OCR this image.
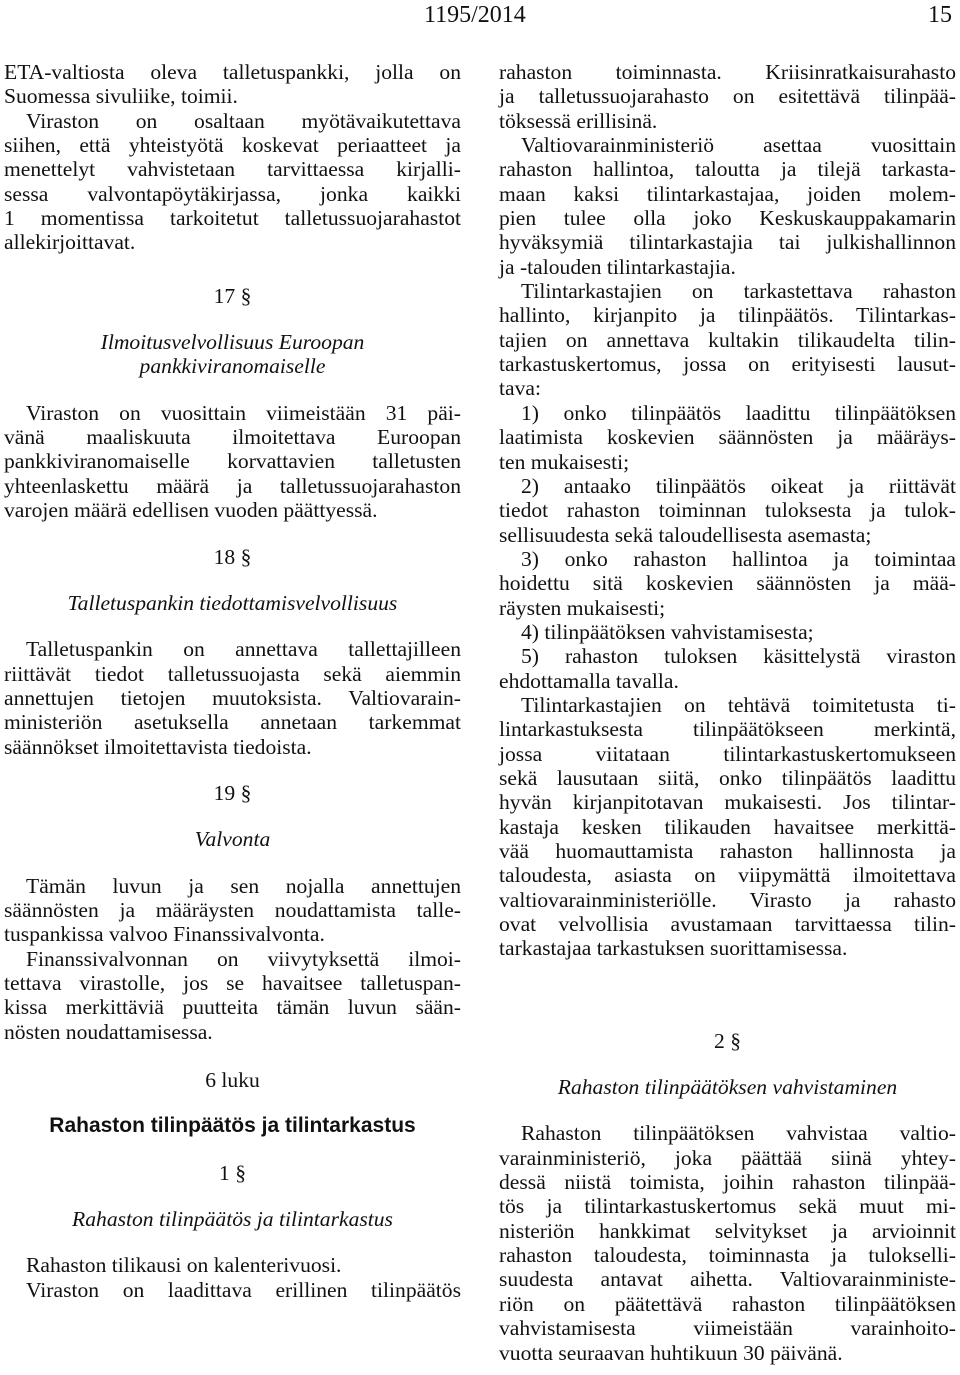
1195/2014	15
ETA-valtiosta oleva talletuspankki, jolla on
Suomessa sivuliike, toimii.
Viraston on osaltaan myötävaikutettava
siihen, että yhteistyötä koskevat periaatteet ja
menettelyt vahvistetaan tarvittaessa kirjalli-
sessa valvontapöytäkirjassa, jonka kaikki
1 momentissa tarkoitetut talletussuojarahastot
allekirjoittavat.
17 §
Ilmoitusvelvollisuus Euroopan
pankkiviranomaiselle
Viraston on vuosittain viimeistään 31 päi-
vänä maaliskuuta ilmoitettava Euroopan
pankkiviranomaiselle korvattavien talletusten
yhteenlaskettu määrä ja talletussuojarahaston
varojen määrä edellisen vuoden päättyessä.
18 §
Talletuspankin tiedottamisvelvollisuus
Talletuspankin on annettava tallettajilleen
riittävät tiedot talletussuojasta sekä aiemmin
annettujen tietojen muutoksista. Valtiovarain-
ministeriön asetuksella annetaan tarkemmat
säännökset ilmoitettavista tiedoista.
19 §
Valvonta
Tämän luvun ja sen nojalla annettujen
säännösten ja määräysten noudattamista talle-
tuspankissa valvoo Finanssivalvonta.
Finanssivalvonnan on viivytyksettä ilmoi-
tettava virastolle, jos se havaitsee talletuspan-
kissa merkittäviä puutteita tämän luvun sään-
nösten noudattamisessa.
6 luku
Rahaston tilinpäätös ja tilintarkastus
1 §
Rahaston tilinpäätös ja tilintarkastus
Rahaston tilikausi on kalenterivuosi.
Viraston on laadittava erillinen tilinpäätös
rahaston toiminnasta. Kriisinratkaisurahasto
ja talletussuojarahasto on esitettävä tilinpää-
töksessä erillisinä.
Valtiovarainministeriö asettaa vuosittain
rahaston hallintoa, taloutta ja tilejä tarkasta-
maan kaksi tilintarkastajaa, joiden molem-
pien tulee olla joko Keskuskauppakamarin
hyväksymiä tilintarkastajia tai julkishallinnon
ja -talouden tilintarkastajia.
Tilintarkastajien on tarkastettava rahaston
hallinto, kirjanpito ja tilinpäätös. Tilintarkas-
tajien on annettava kultakin tilikaudelta tilin-
tarkastuskertomus, jossa on erityisesti lausut-
tava:
1) onko tilinpäätös laadittu tilinpäätöksen
laatimista koskevien säännösten ja määräys-
ten mukaisesti;
2) antaako tilinpäätös oikeat ja riittävät
tiedot rahaston toiminnan tuloksesta ja tulok-
sellisuudesta sekä taloudellisesta asemasta;
3) onko rahaston hallintoa ja toimintaa
hoidettu sitä koskevien säännösten ja mää-
räysten mukaisesti;
4) tilinpäätöksen vahvistamisesta;
5) rahaston tuloksen käsittelystä viraston
ehdottamalla tavalla.
Tilintarkastajien on tehtävä toimitetusta ti-
lintarkastuksesta tilinpäätökseen merkintä,
jossa viitataan tilintarkastuskertomukseen
sekä lausutaan siitä, onko tilinpäätös laadittu
hyvän kirjanpitotavan mukaisesti. Jos tilintar-
kastaja kesken tilikauden havaitsee merkittä-
vää huomauttamista rahaston hallinnosta ja
taloudesta, asiasta on viipymättä ilmoitettava
valtiovarainministeriölle. Virasto ja rahasto
ovat velvollisia avustamaan tarvittaessa tilin-
tarkastajaa tarkastuksen suorittamisessa.
2 §
Rahaston tilinpäätöksen vahvistaminen
Rahaston tilinpäätöksen vahvistaa valtio-
varainministeriö, joka päättää siinä yhtey-
dessä niistä toimista, joihin rahaston tilinpää-
tös ja tilintarkastuskertomus sekä muut mi-
nisteriön hankkimat selvitykset ja arvioinnit
rahaston taloudesta, toiminnasta ja tulokselli-
suudesta antavat aihetta. Valtiovarainministe-
riön on päätettävä rahaston tilinpäätöksen
vahvistamisesta viimeistään varainhoito-
vuotta seuraavan huhtikuun 30 päivänä.
